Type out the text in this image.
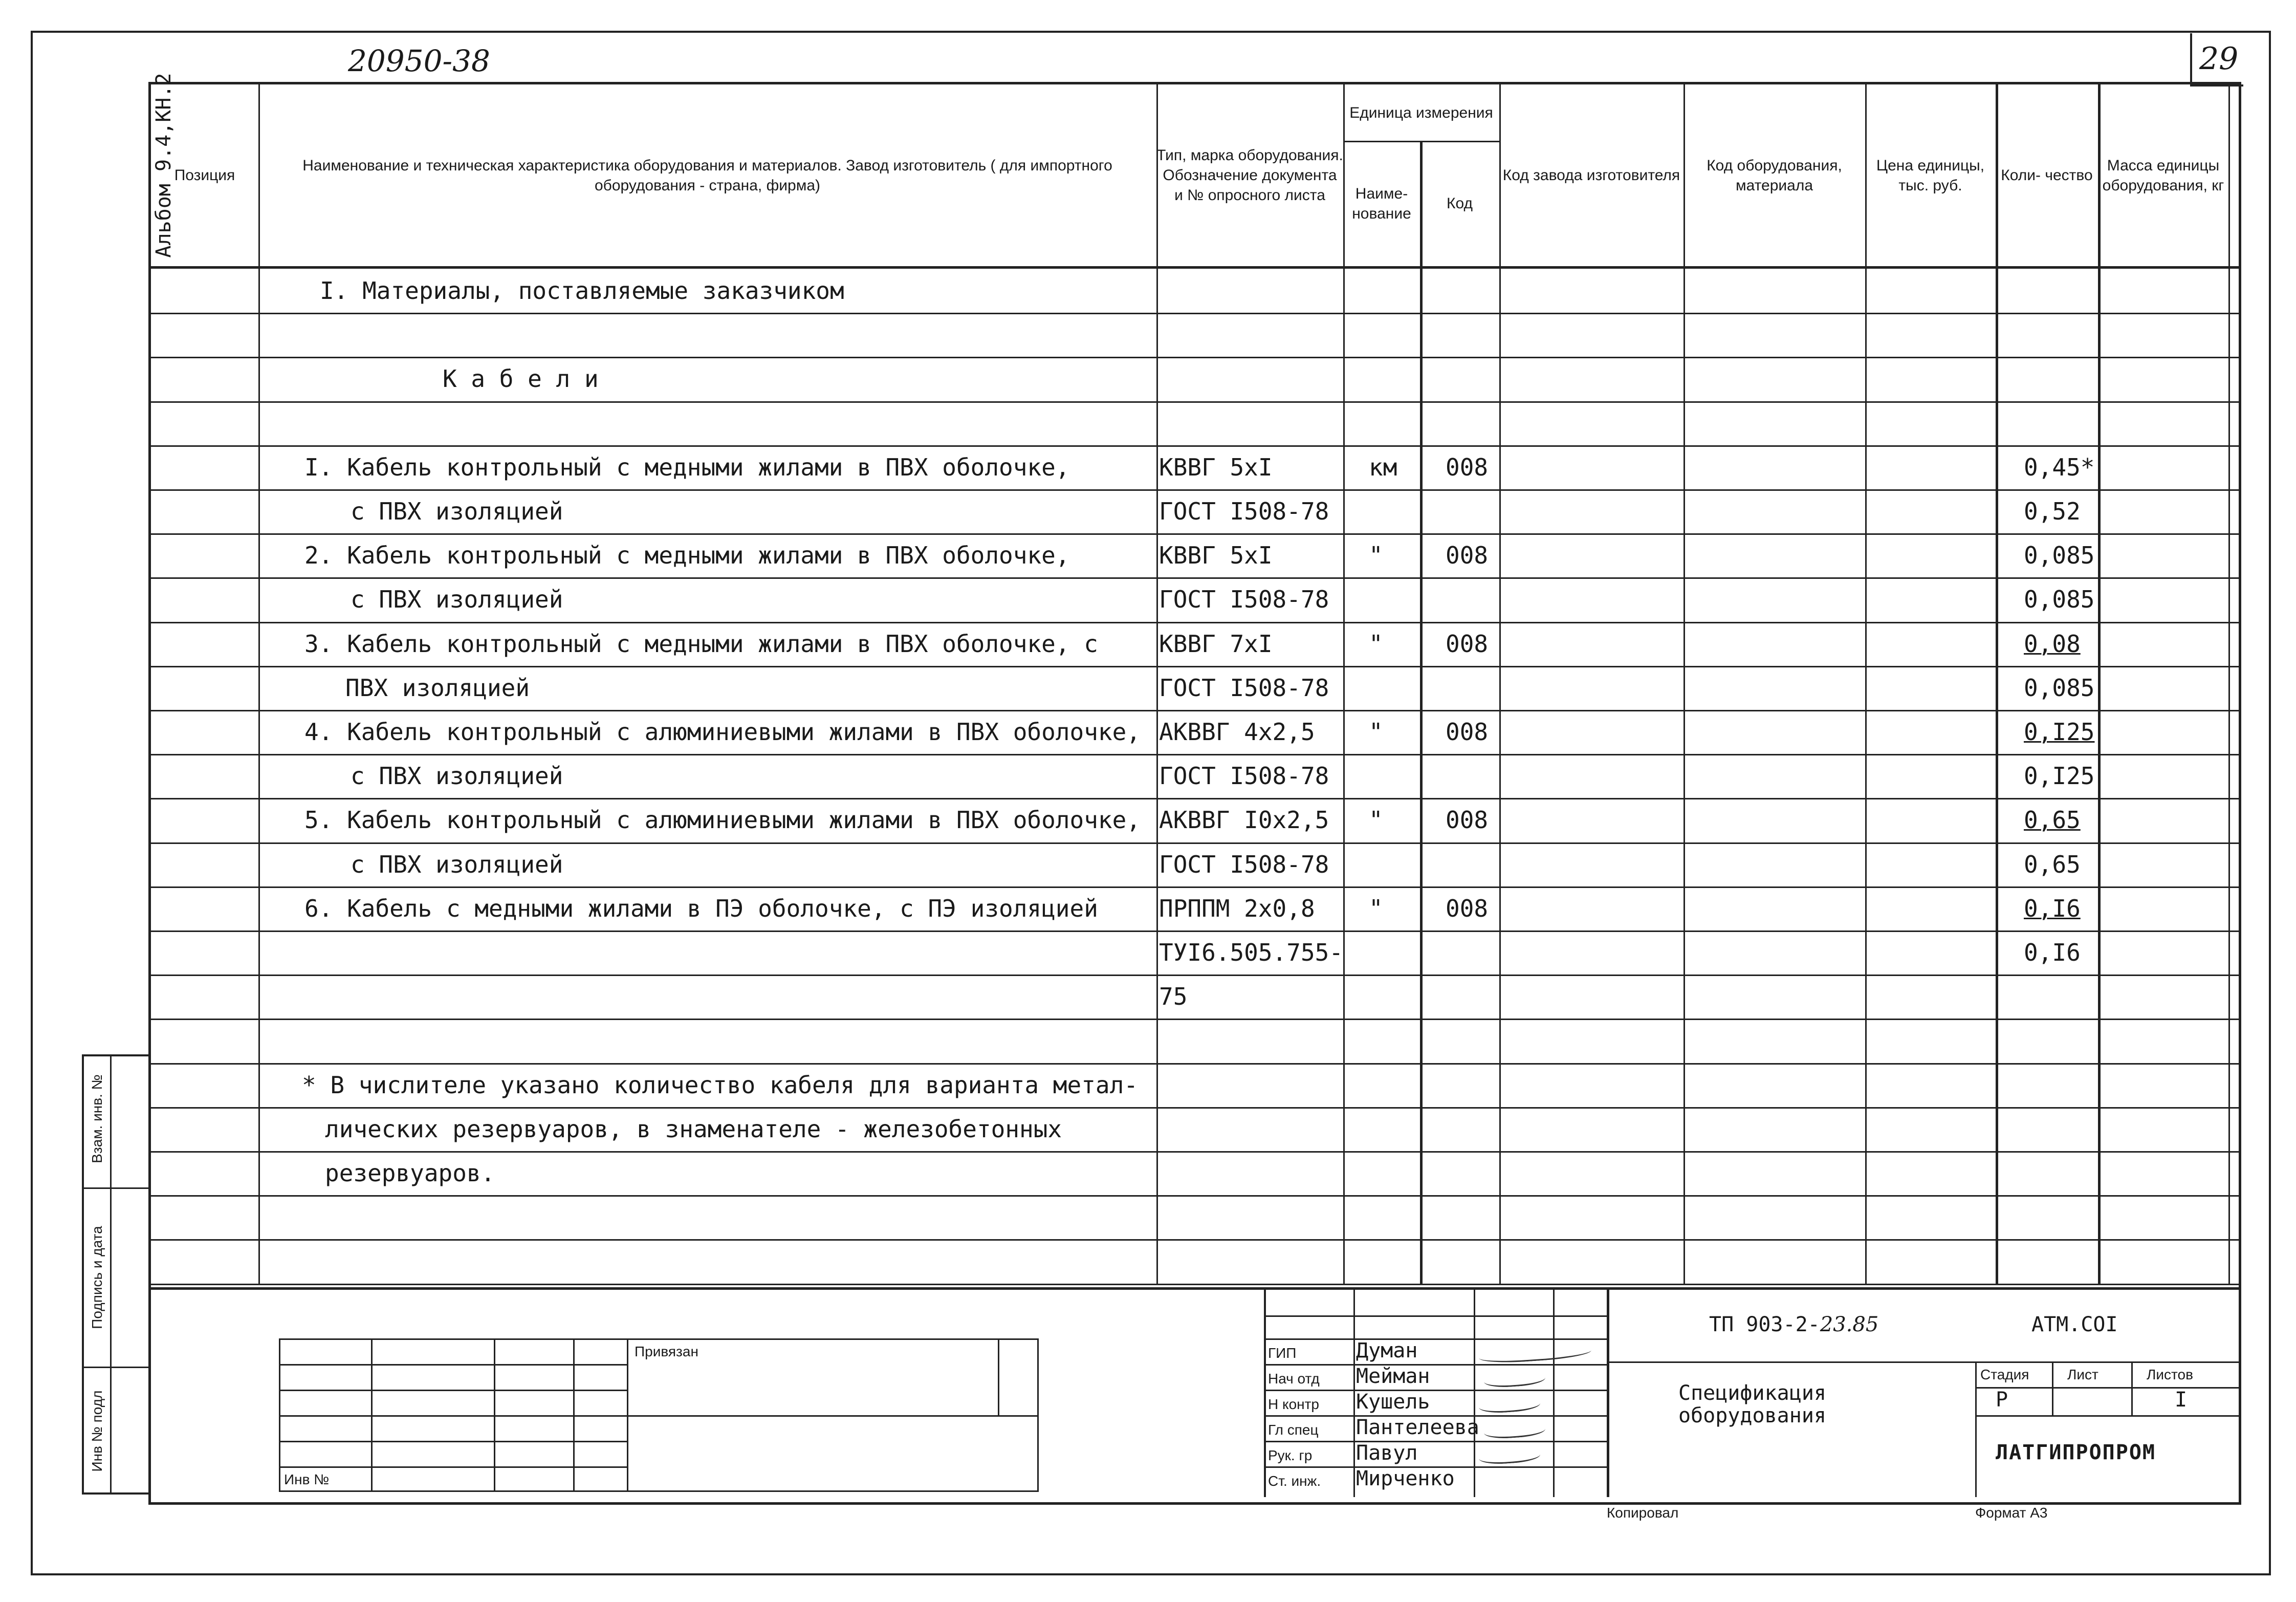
20950-38	29
Альбом 9.4,КН.2
Позиция
Наименование и техническая характеристика оборудования и материалов. Завод изготовитель ( для импортного оборудования - страна, фирма)
Тип, марка оборудования. Обозначение документа и № опросного листа
Единица измерения
Наиме- нование
Код
Код завода изготовителя
Код оборудования, материала
Цена единицы, тыс. руб.
Коли- чество
Масса единицы оборудования, кг
I. Материалы, поставляемые заказчиком
К а б е л и
I. Кабель контрольный с медными жилами в ПВХ оболочке,	КВВГ 5хI	км 008	0,45*
с ПВХ изоляцией	ГОСТ I508-78	0,52
2. Кабель контрольный с медными жилами в ПВХ оболочке,	КВВГ 5хI	"	008	0,085
с ПВХ изоляцией	ГОСТ I508-78	0,085
3. Кабель контрольный с медными жилами в ПВХ оболочке, с	КВВГ 7хI	"	008	0,08
ПВХ изоляцией	ГОСТ I508-78	0,085
4. Кабель контрольный с алюминиевыми жилами в ПВХ оболочке, АКВВГ 4х2,5 "	008	0,I25
с ПВХ изоляцией	ГОСТ I508-78	0,I25
5. Кабель контрольный с алюминиевыми жилами в ПВХ оболочке, АКВВГ I0х2,5 "	008	0,65
с ПВХ изоляцией	ГОСТ I508-78	0,65
6. Кабель с медными жилами в ПЭ оболочке, с ПЭ изоляцией	ПРППМ 2х0,8 "	008	0,I6
ТУI6.505.755-	0,I6
75
* В числителе указано количество кабеля для варианта метал-
лических резервуаров, в знаменателе - железобетонных
резервуаров.
Взам. инв. №
Подпись и дата
Инв № подл
Привязан
Инв №
ГИП	Думан
Нач отд Мейман
Н контр Кушель
Гл спец Пантелеева
Рук. гр Павул
Ст. инж. Мирченко
ТП 903-2-23.85	АТМ.СОI
Спецификация оборудования
Стадия	Лист	Листов
Р	I
ЛАТГИПРОПРОМ
Копировал	Формат А3
